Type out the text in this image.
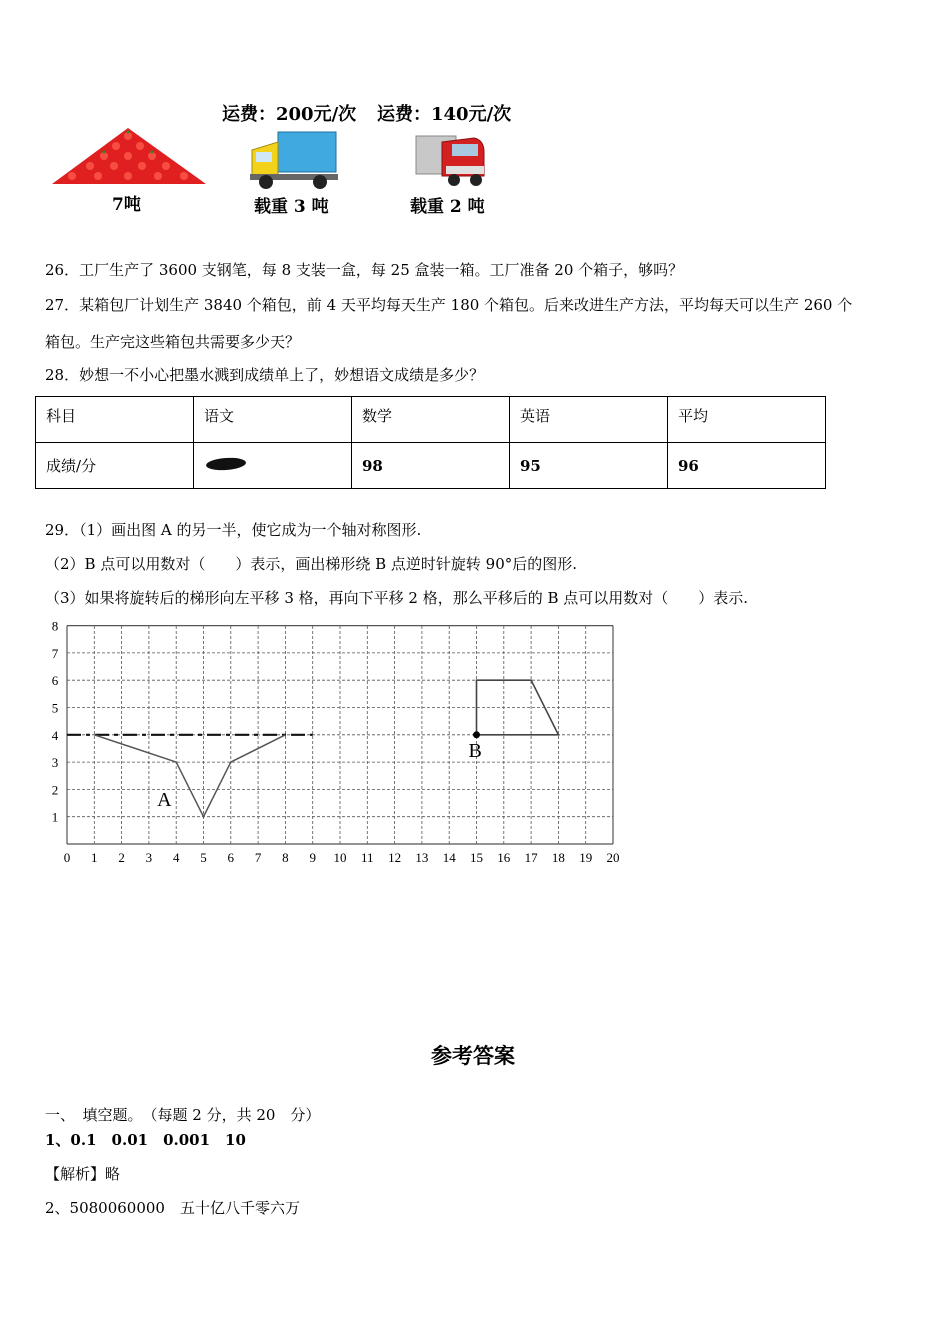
运费：200元/次 运费：140元/次
7吨	载重 3 吨	载重 2 吨
26．工厂生产了 3600 支钢笔，每 8 支装一盒，每 25 盒装一箱。工厂准备 20 个箱子，够吗？
27．某箱包厂计划生产 3840 个箱包，前 4 天平均每天生产 180 个箱包。后来改进生产方法，平均每天可以生产 260 个
箱包。生产完这些箱包共需要多少天？
28．妙想一不小心把墨水溅到成绩单上了，妙想语文成绩是多少？
科目	语文	数学	英语	平均
成绩/分		98	95	96
29．（1）画出图 A 的另一半，使它成为一个轴对称图形.
（2）B 点可以用数对（　　）表示，画出梯形绕 B 点逆时针旋转 90°后的图形.
（3）如果将旋转后的梯形向左平移 3 格，再向下平移 2 格，那么平移后的 B 点可以用数对（　　）表示.
0 1 2 3 4 5 6 7 8 9 10 11 12 13 14 15 16 17 18 19 20
1
2
3
4
5
6
7
8
A
B
参考答案
一、　填空题。　（每题 2 分，共 20　分）
1、0.1　0.01　0.001　10
【解析】略
2、5080060000　五十亿八千零六万
